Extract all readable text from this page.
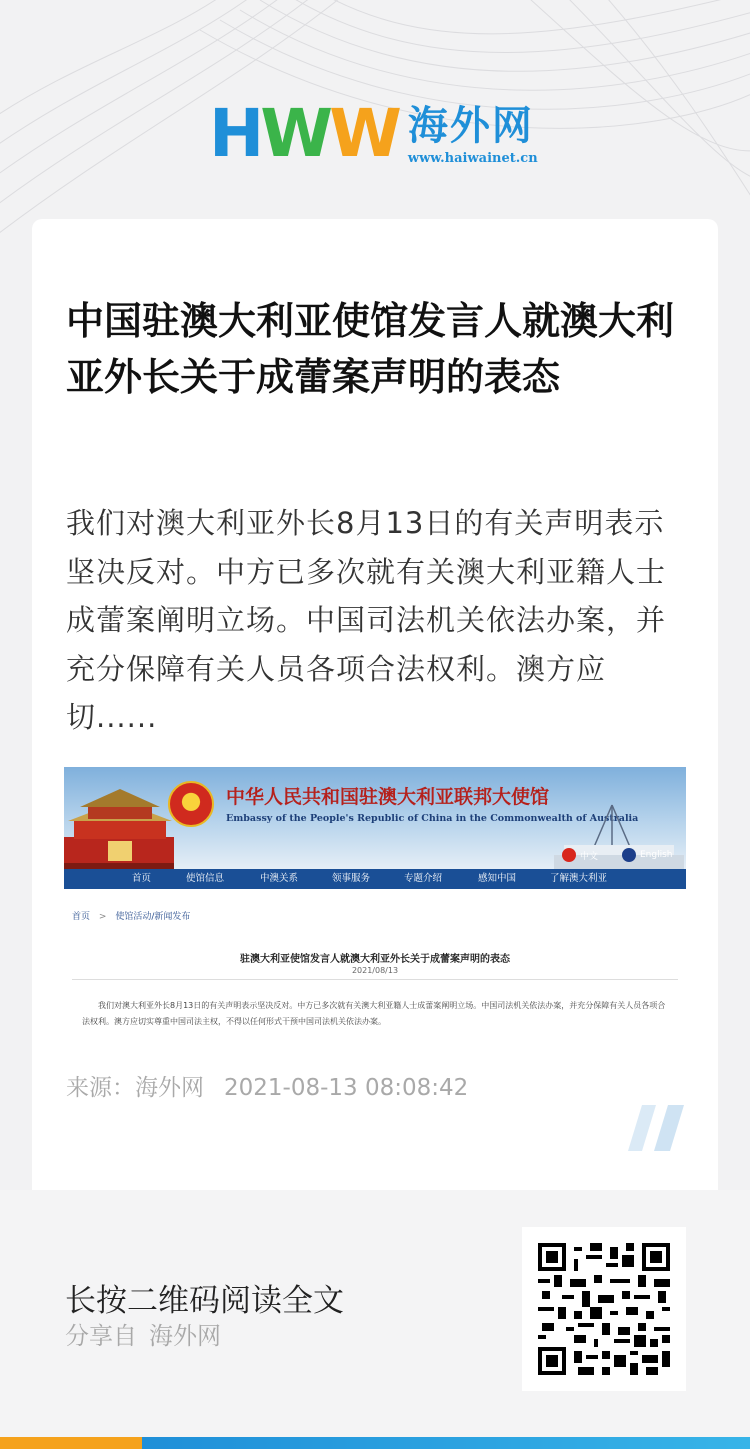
H W W 海外网
www.haiwainet.cn
中国驻澳大利亚使馆发言人就澳大利亚外长关于成蕾案声明的表态

我们对澳大利亚外长8月13日的有关声明表示坚决反对。中方已多次就有关澳大利亚籍人士成蕾案阐明立场。中国司法机关依法办案，并充分保障有关人员各项合法权利。澳方应切......

★ 中华人民共和国驻澳大利亚联邦大使馆
Embassy of the People's Republic of China in the Commonwealth of Australia
中文	English
首页	使馆信息	中澳关系	领事服务	专题介绍	感知中国	了解澳大利亚
首页 > 使馆活动/新闻发布
驻澳大利亚使馆发言人就澳大利亚外长关于成蕾案声明的表态
2021/08/13

我们对澳大利亚外长8月13日的有关声明表示坚决反对。中方已多次就有关澳大利亚籍人士成蕾案阐明立场。中国司法机关依法办案，并充分保障有关人员各项合法权利。澳方应切实尊重中国司法主权，不得以任何形式干预中国司法机关依法办案。

来源：海外网 2021-08-13 08:08:42
长按二维码阅读全文
分享自 海外网
